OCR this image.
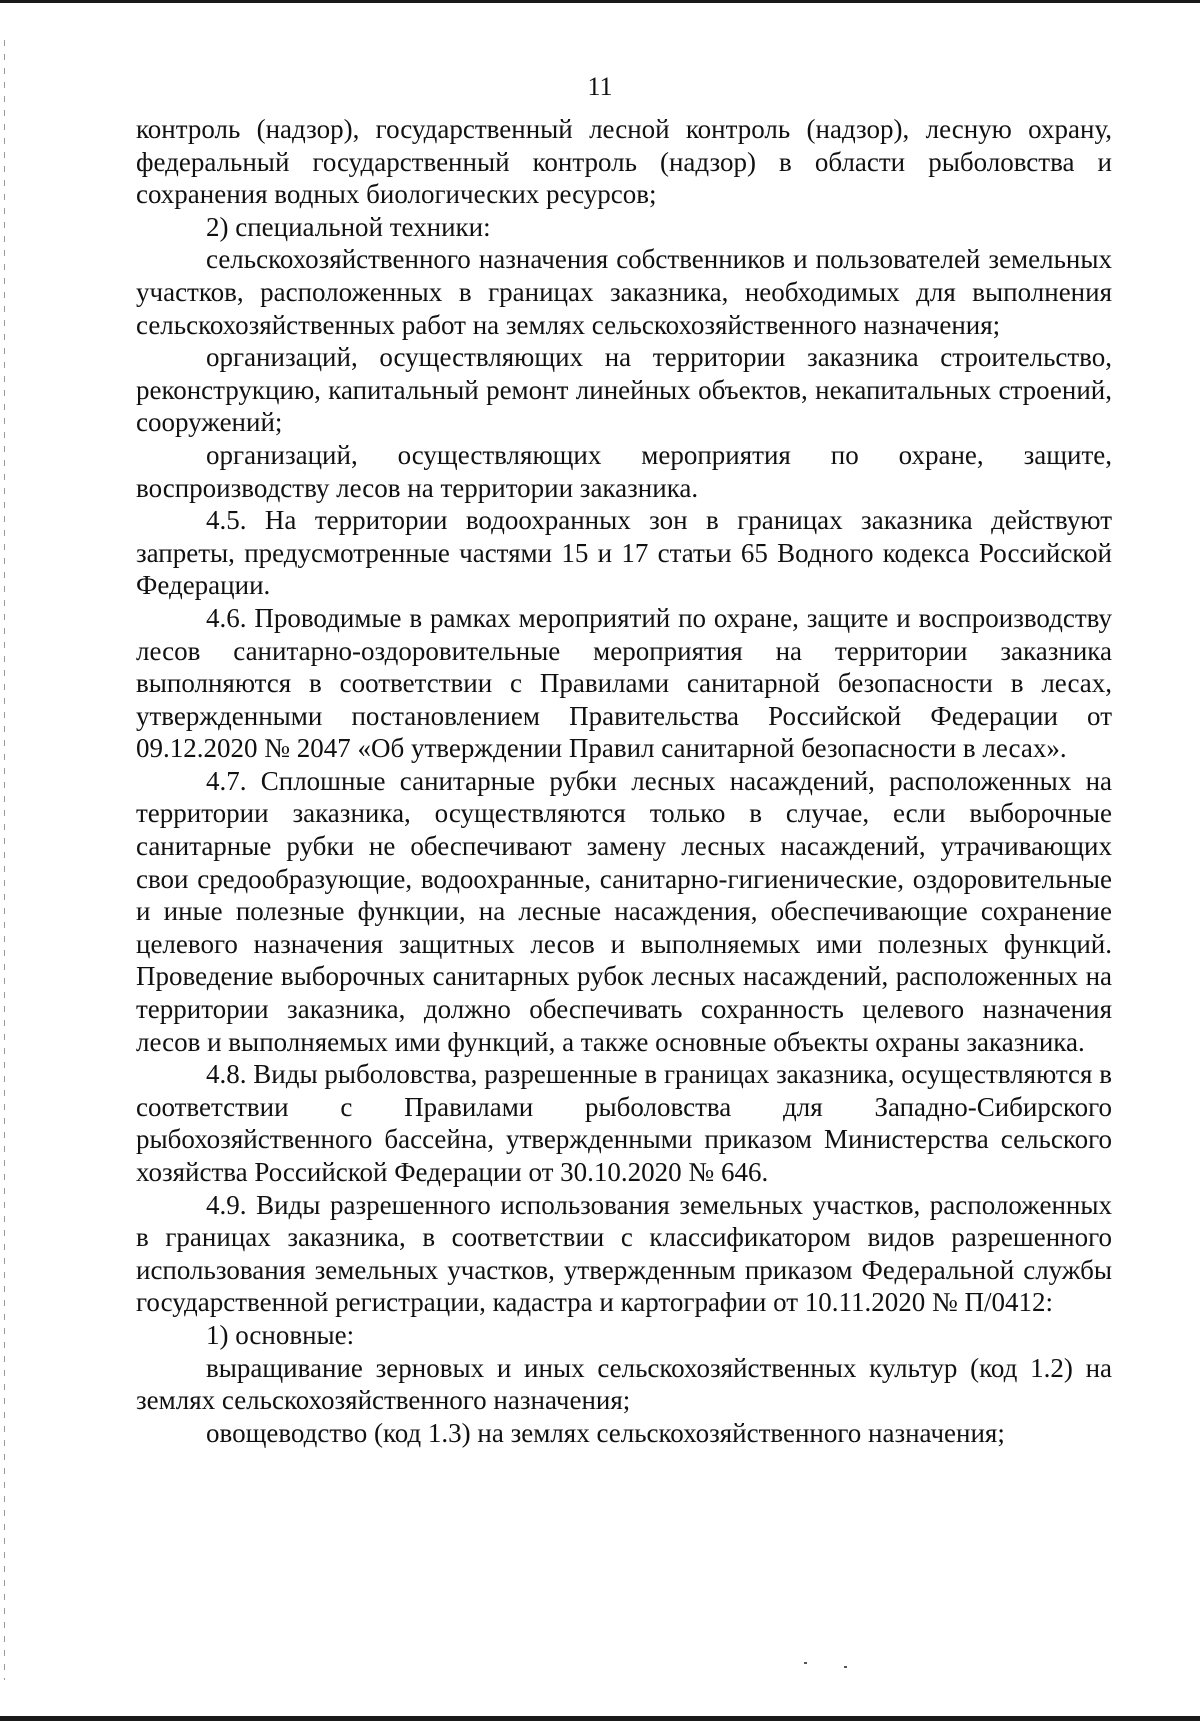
11

контроль (надзор), государственный лесной контроль (надзор), лесную охрану, федеральный государственный контроль (надзор) в области рыболовства и сохранения водных биологических ресурсов;

2) специальной техники:

сельскохозяйственного назначения собственников и пользователей земельных участков, расположенных в границах заказника, необходимых для выполнения сельскохозяйственных работ на землях сельскохозяйственного назначения;

организаций, осуществляющих на территории заказника строительство, реконструкцию, капитальный ремонт линейных объектов, некапитальных строений, сооружений;

организаций, осуществляющих мероприятия по охране, защите, воспроизводству лесов на территории заказника.

4.5. На территории водоохранных зон в границах заказника действуют запреты, предусмотренные частями 15 и 17 статьи 65 Водного кодекса Российской Федерации.

4.6. Проводимые в рамках мероприятий по охране, защите и воспроизводству лесов санитарно-оздоровительные мероприятия на территории заказника выполняются в соответствии с Правилами санитарной безопасности в лесах, утвержденными постановлением Правительства Российской Федерации от 09.12.2020 № 2047 «Об утверждении Правил санитарной безопасности в лесах».

4.7. Сплошные санитарные рубки лесных насаждений, расположенных на территории заказника, осуществляются только в случае, если выборочные санитарные рубки не обеспечивают замену лесных насаждений, утрачивающих свои средообразующие, водоохранные, санитарно-гигиенические, оздоровительные и иные полезные функции, на лесные насаждения, обеспечивающие сохранение целевого назначения защитных лесов и выполняемых ими полезных функций. Проведение выборочных санитарных рубок лесных насаждений, расположенных на территории заказника, должно обеспечивать сохранность целевого назначения лесов и выполняемых ими функций, а также основные объекты охраны заказника.

4.8. Виды рыболовства, разрешенные в границах заказника, осуществляются в соответствии с Правилами рыболовства для Западно-Сибирского рыбохозяйственного бассейна, утвержденными приказом Министерства сельского хозяйства Российской Федерации от 30.10.2020 № 646.

4.9. Виды разрешенного использования земельных участков, расположенных в границах заказника, в соответствии с классификатором видов разрешенного использования земельных участков, утвержденным приказом Федеральной службы государственной регистрации, кадастра и картографии от 10.11.2020 № П/0412:

1) основные:

выращивание зерновых и иных сельскохозяйственных культур (код 1.2) на землях сельскохозяйственного назначения;

овощеводство (код 1.3) на землях сельскохозяйственного назначения;
